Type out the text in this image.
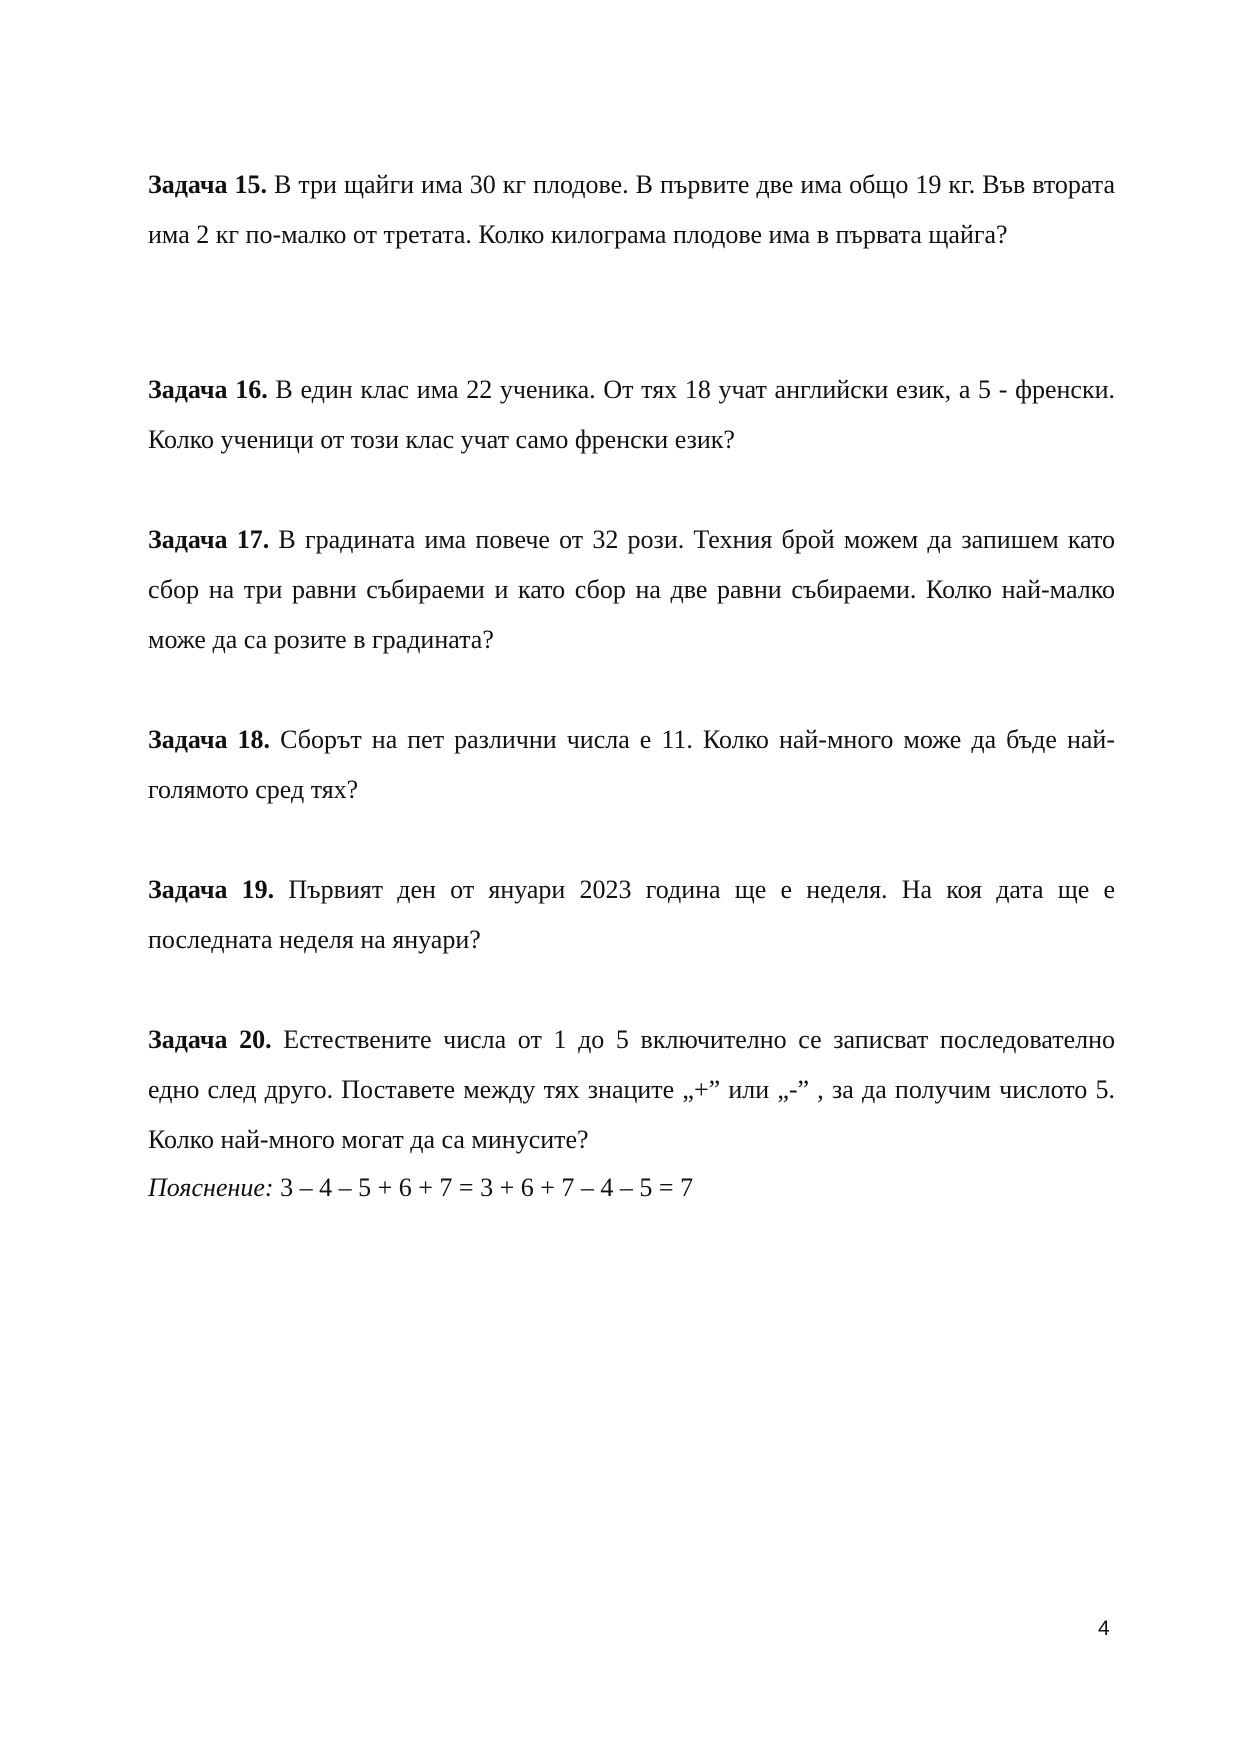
Задача 15. В три щайги има 30 кг плодове. В първите две има общо 19 кг. Във втората има 2 кг по-малко от третата. Колко килограма плодове има в първата щайга?

Задача 16. В един клас има 22 ученика. От тях 18 учат английски език, а 5 - френски. Колко ученици от този клас учат само френски език?

Задача 17. В градината има повече от 32 рози. Техния брой можем да запишем като сбор на три равни събираеми и като сбор на две равни събираеми. Колко най-малко може да са розите в градината?

Задача 18. Сборът на пет различни числа е 11. Колко най-много може да бъде най-голямото сред тях?

Задача 19. Първият ден от януари 2023 година ще е неделя. На коя дата ще е последната неделя на януари?

Задача 20. Естествените числа от 1 до 5 включително се записват последователно едно след друго. Поставете между тях знаците „+” или „-” , за да получим числото 5. Колко най-много могат да са минусите?

Пояснение: 3 – 4 – 5 + 6 + 7 = 3 + 6 + 7 – 4 – 5 = 7

4
